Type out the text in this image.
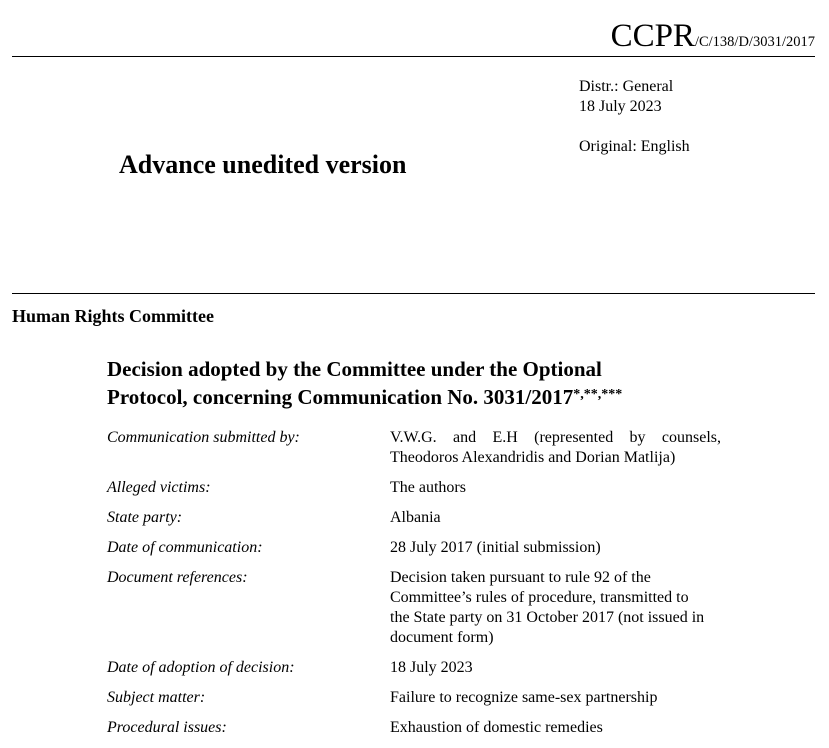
CCPR/C/138/D/3031/2017
Distr.: General
18 July 2023
Original: English
Advance unedited version
Human Rights Committee
Decision adopted by the Committee under the Optional
Protocol, concerning Communication No. 3031/2017*,**,***
Communication submitted by:	V.W.G. and E.H (represented by counsels, Theodoros Alexandridis and Dorian Matlija)
Alleged victims:	The authors
State party:	Albania
Date of communication:	28 July 2017 (initial submission)
Document references:	Decision taken pursuant to rule 92 of the
Committee’s rules of procedure, transmitted to
the State party on 31 October 2017 (not issued in
document form)
Date of adoption of decision:	18 July 2023
Subject matter:	Failure to recognize same-sex partnership
Procedural issues:	Exhaustion of domestic remedies
